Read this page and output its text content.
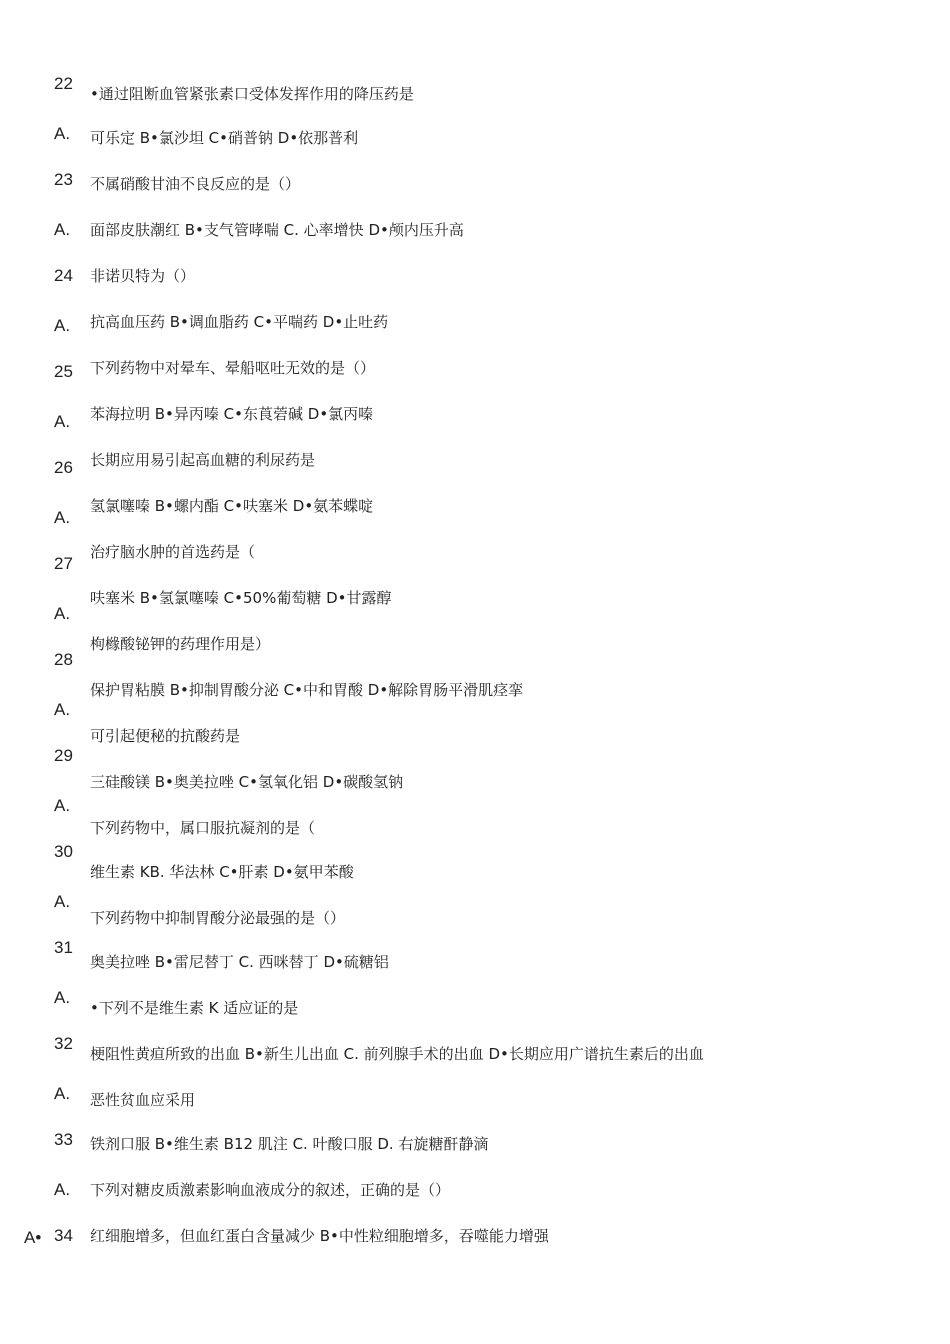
22
23
24
25
26
27
28
29
30
31
32
33
34
A.
A.
A.
A.
A.
A.
A.
A.
A.
A.
A.
A.
A•
•通过阻断血管紧张素口受体发挥作用的降压药是
可乐定 B•氯沙坦 C•硝普钠 D•依那普利
不属硝酸甘油不良反应的是（）
面部皮肤潮红 B•支气管哮喘 C. 心率增快 D•颅内压升高
非诺贝特为（）
抗高血压药 B•调血脂药 C•平喘药 D•止吐药
下列药物中对晕车、晕船呕吐无效的是（）
苯海拉明 B•异丙嗪 C•东莨菪碱 D•氯丙嗪
长期应用易引起高血糖的利尿药是
氢氯噻嗪 B•螺内酯 C•呋塞米 D•氨苯蝶啶
治疗脑水肿的首选药是（
呋塞米 B•氢氯噻嗪 C•50%葡萄糖 D•甘露醇
枸橼酸铋钾的药理作用是）
保护胃粘膜 B•抑制胃酸分泌 C•中和胃酸 D•解除胃肠平滑肌痉挛
可引起便秘的抗酸药是
三硅酸镁 B•奥美拉唑 C•氢氧化铝 D•碳酸氢钠
下列药物中，属口服抗凝剂的是（
维生素 KB. 华法林 C•肝素 D•氨甲苯酸
下列药物中抑制胃酸分泌最强的是（）
奥美拉唑 B•雷尼替丁 C. 西咪替丁 D•硫糖铝
•下列不是维生素 K 适应证的是
梗阻性黄疸所致的出血 B•新生儿出血 C. 前列腺手术的出血 D•长期应用广谱抗生素后的出血
恶性贫血应采用
铁剂口服 B•维生素 B12 肌注 C. 叶酸口服 D. 右旋糖酐静滴
下列对糖皮质激素影响血液成分的叙述，正确的是（）
红细胞增多，但血红蛋白含量减少 B•中性粒细胞增多，吞噬能力增强
